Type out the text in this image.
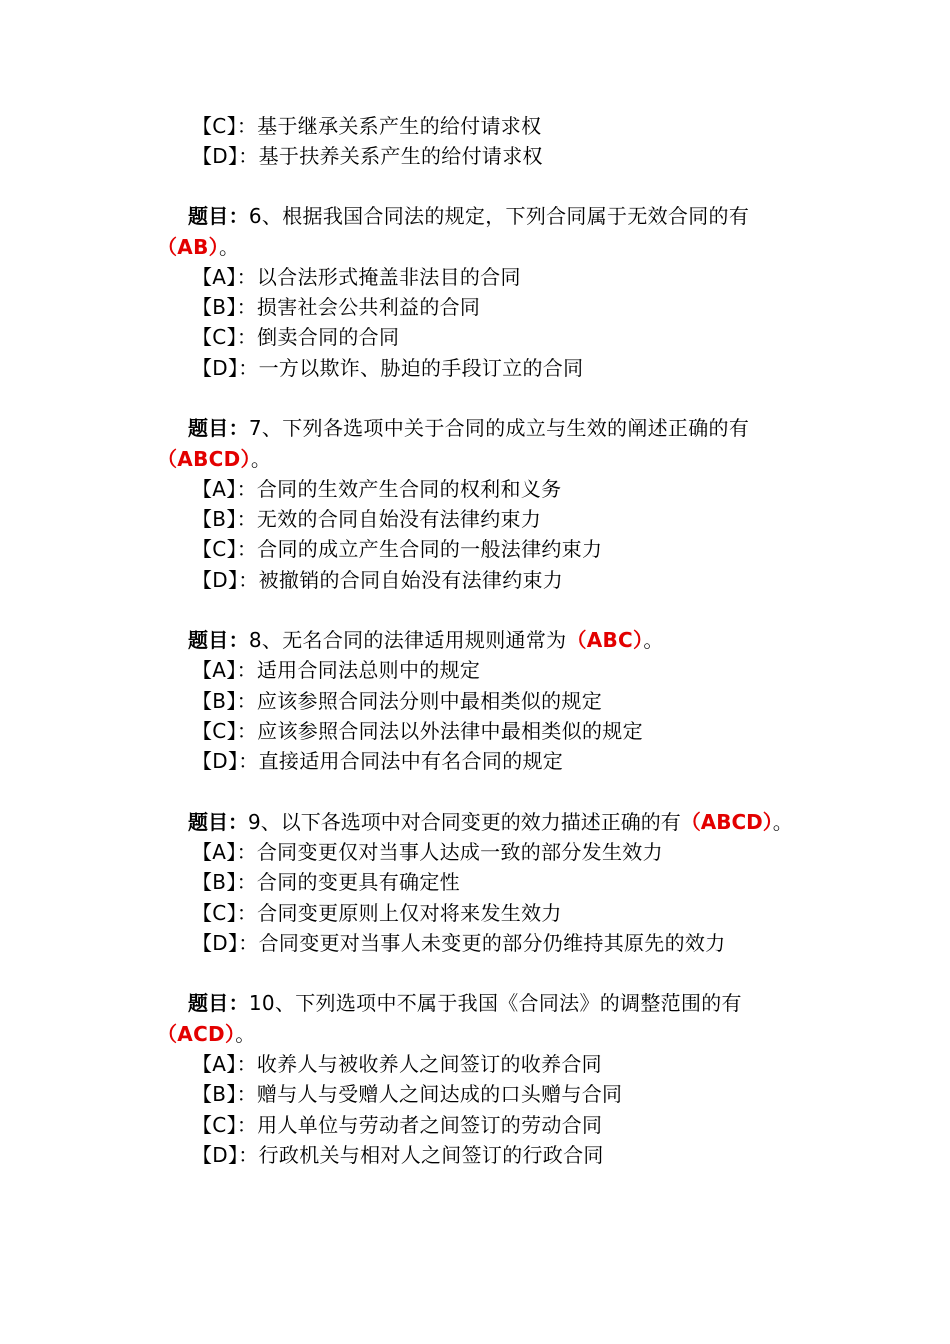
【C】：基于继承关系产生的给付请求权
【D】：基于扶养关系产生的给付请求权
题目：6、根据我国合同法的规定，下列合同属于无效合同的有
（AB）。
【A】：以合法形式掩盖非法目的合同
【B】：损害社会公共利益的合同
【C】：倒卖合同的合同
【D】：一方以欺诈、胁迫的手段订立的合同
题目：7、下列各选项中关于合同的成立与生效的阐述正确的有
（ABCD）。
【A】：合同的生效产生合同的权利和义务
【B】：无效的合同自始没有法律约束力
【C】：合同的成立产生合同的一般法律约束力
【D】：被撤销的合同自始没有法律约束力
题目：8、无名合同的法律适用规则通常为（ABC）。
【A】：适用合同法总则中的规定
【B】：应该参照合同法分则中最相类似的规定
【C】：应该参照合同法以外法律中最相类似的规定
【D】：直接适用合同法中有名合同的规定
题目：9、以下各选项中对合同变更的效力描述正确的有（ABCD）。
【A】：合同变更仅对当事人达成一致的部分发生效力
【B】：合同的变更具有确定性
【C】：合同变更原则上仅对将来发生效力
【D】：合同变更对当事人未变更的部分仍维持其原先的效力
题目：10、下列选项中不属于我国《合同法》的调整范围的有
（ACD）。
【A】：收养人与被收养人之间签订的收养合同
【B】：赠与人与受赠人之间达成的口头赠与合同
【C】：用人单位与劳动者之间签订的劳动合同
【D】：行政机关与相对人之间签订的行政合同
